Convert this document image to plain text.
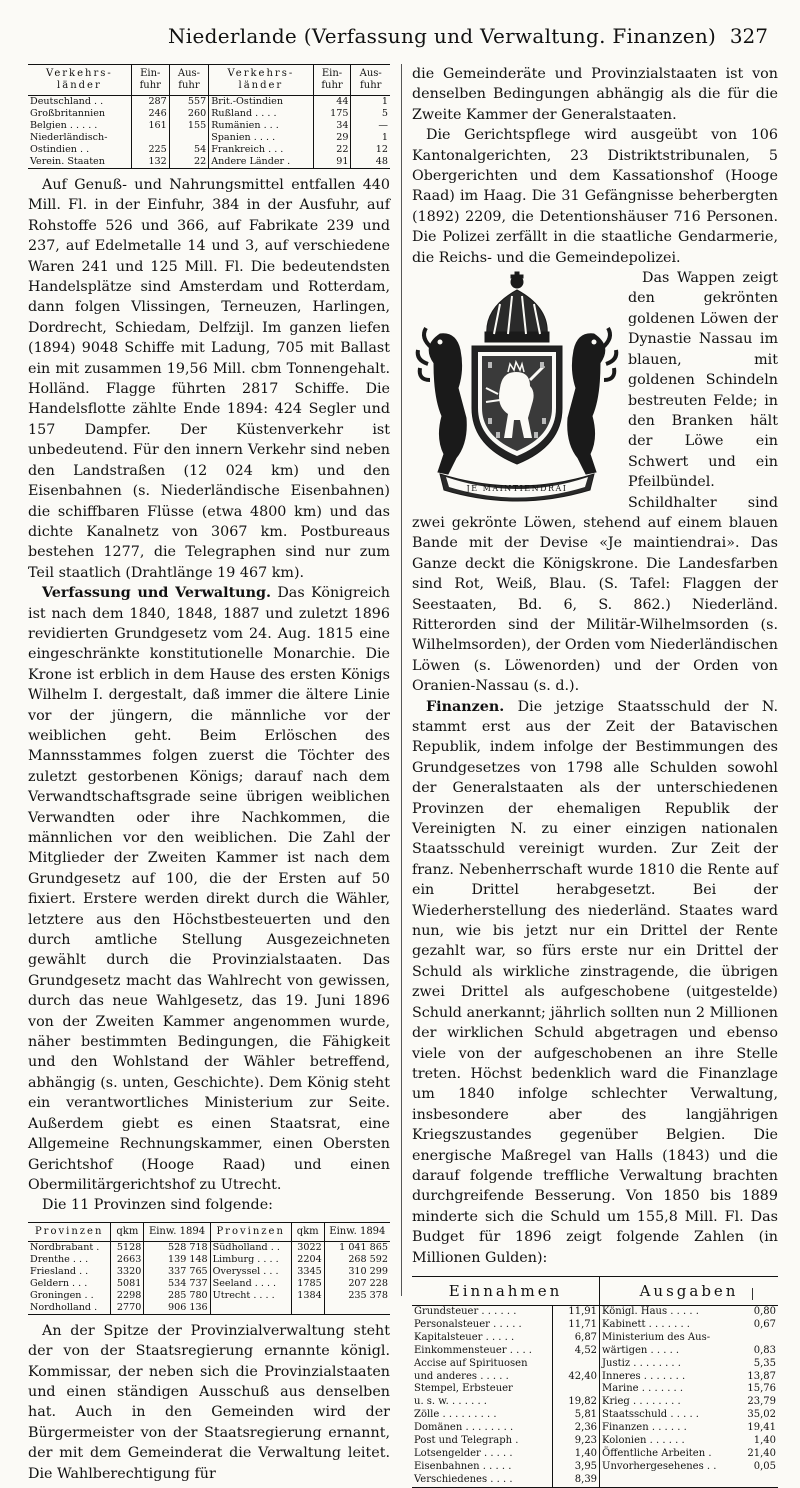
Niederlande (Verfassung und Verwaltung. Finanzen) 327
Verkehrs-länder	Ein-fuhr	Aus-fuhr	Verkehrs-länder	Ein-fuhr	Aus-fuhr
Deutschland . .	287	557	Brit.-Ostindien	44	1
Großbritannien	246	260	Rußland . . . .	175	5
Belgien . . . . .	161	155	Rumänien . . .	34	—
Niederländisch-			Spanien . . . .	29	1
Ostindien . .	225	54	Frankreich . . .	22	12
Verein. Staaten	132	22	Andere Länder .	91	48

Auf Genuß- und Nahrungsmittel entfallen 440 Mill. Fl. in der Einfuhr, 384 in der Ausfuhr, auf Rohstoffe 526 und 366, auf Fabrikate 239 und 237, auf Edelmetalle 14 und 3, auf verschiedene Waren 241 und 125 Mill. Fl. Die bedeutendsten Handelsplätze sind Amsterdam und Rotterdam, dann folgen Vlissingen, Terneuzen, Harlingen, Dordrecht, Schiedam, Delfzijl. Im ganzen liefen (1894) 9048 Schiffe mit Ladung, 705 mit Ballast ein mit zusammen 19,56 Mill. cbm Tonnengehalt. Holländ. Flagge führten 2817 Schiffe. Die Handelsflotte zählte Ende 1894: 424 Segler und 157 Dampfer. Der Küstenverkehr ist unbedeutend. Für den innern Verkehr sind neben den Landstraßen (12 024 km) und den Eisenbahnen (s. Niederländische Eisenbahnen) die schiffbaren Flüsse (etwa 4800 km) und das dichte Kanalnetz von 3067 km. Postbureaus bestehen 1277, die Telegraphen sind nur zum Teil staatlich (Drahtlänge 19 467 km).

Verfassung und Verwaltung. Das Königreich ist nach dem 1840, 1848, 1887 und zuletzt 1896 revidierten Grundgesetz vom 24. Aug. 1815 eine eingeschränkte konstitutionelle Monarchie. Die Krone ist erblich in dem Hause des ersten Königs Wilhelm I. dergestalt, daß immer die ältere Linie vor der jüngern, die männliche vor der weiblichen geht. Beim Erlöschen des Mannsstammes folgen zuerst die Töchter des zuletzt gestorbenen Königs; darauf nach dem Verwandtschaftsgrade seine übrigen weiblichen Verwandten oder ihre Nachkommen, die männlichen vor den weiblichen. Die Zahl der Mitglieder der Zweiten Kammer ist nach dem Grundgesetz auf 100, die der Ersten auf 50 fixiert. Erstere werden direkt durch die Wähler, letztere aus den Höchstbesteuerten und den durch amtliche Stellung Ausgezeichneten gewählt durch die Provinzialstaaten. Das Grundgesetz macht das Wahlrecht von gewissen, durch das neue Wahlgesetz, das 19. Juni 1896 von der Zweiten Kammer angenommen wurde, näher bestimmten Bedingungen, die Fähigkeit und den Wohlstand der Wähler betreffend, abhängig (s. unten, Geschichte). Dem König steht ein verantwortliches Ministerium zur Seite. Außerdem giebt es einen Staatsrat, eine Allgemeine Rechnungskammer, einen Obersten Gerichtshof (Hooge Raad) und einen Obermilitärgerichtshof zu Utrecht.

Die 11 Provinzen sind folgende:

Provinzen	qkm	Einw. 1894	Provinzen	qkm	Einw. 1894
Nordbrabant .	5128	528 718	Südholland . .	3022	1 041 865
Drenthe . . .	2663	139 148	Limburg . . . .	2204	268 592
Friesland . .	3320	337 765	Overyssel . . .	3345	310 299
Geldern . . .	5081	534 737	Seeland . . . .	1785	207 228
Groningen . .	2298	285 780	Utrecht . . . .	1384	235 378
Nordholland .	2770	906 136			

An der Spitze der Provinzialverwaltung steht der von der Staatsregierung ernannte königl. Kommissar, der neben sich die Provinzialstaaten und einen ständigen Ausschuß aus denselben hat. Auch in den Gemeinden wird der Bürgermeister von der Staatsregierung ernannt, der mit dem Gemeinderat die Verwaltung leitet. Die Wahlberechtigung für

die Gemeinderäte und Provinzialstaaten ist von denselben Bedingungen abhängig als die für die Zweite Kammer der Generalstaaten.

Die Gerichtspflege wird ausgeübt von 106 Kantonalgerichten, 23 Distriktstribunalen, 5 Obergerichten und dem Kassationshof (Hooge Raad) im Haag. Die 31 Gefängnisse beherbergten (1892) 2209, die Detentionshäuser 716 Personen. Die Polizei zerfällt in die staatliche Gendarmerie, die Reichs- und die Gemeindepolizei.

JE MAINTIENDRAI

Das Wappen zeigt den gekrönten goldenen Löwen der Dynastie Nassau im blauen, mit goldenen Schindeln bestreuten Felde; in den Branken hält der Löwe ein Schwert und ein Pfeilbündel. Schildhalter sind zwei gekrönte Löwen, stehend auf einem blauen Bande mit der Devise «Je maintiendrai». Das Ganze deckt die Königskrone. Die Landesfarben sind Rot, Weiß, Blau. (S. Tafel: Flaggen der Seestaaten, Bd. 6, S. 862.) Niederländ. Ritterorden sind der Militär-Wilhelmsorden (s. Wilhelmsorden), der Orden vom Niederländischen Löwen (s. Löwenorden) und der Orden von Oranien-Nassau (s. d.).

Finanzen. Die jetzige Staatsschuld der N. stammt erst aus der Zeit der Batavischen Republik, indem infolge der Bestimmungen des Grundgesetzes von 1798 alle Schulden sowohl der Generalstaaten als der unterschiedenen Provinzen der ehemaligen Republik der Vereinigten N. zu einer einzigen nationalen Staatsschuld vereinigt wurden. Zur Zeit der franz. Nebenherrschaft wurde 1810 die Rente auf ein Drittel herabgesetzt. Bei der Wiederherstellung des niederländ. Staates ward nun, wie bis jetzt nur ein Drittel der Rente gezahlt war, so fürs erste nur ein Drittel der Schuld als wirkliche zinstragende, die übrigen zwei Drittel als aufgeschobene (uitgestelde) Schuld anerkannt; jährlich sollten nun 2 Millionen der wirklichen Schuld abgetragen und ebenso viele von der aufgeschobenen an ihre Stelle treten. Höchst bedenklich ward die Finanzlage um 1840 infolge schlechter Verwaltung, insbesondere aber des langjährigen Kriegszustandes gegenüber Belgien. Die energische Maßregel van Halls (1843) und die darauf folgende treffliche Verwaltung brachten durchgreifende Besserung. Von 1850 bis 1889 minderte sich die Schuld um 155,8 Mill. Fl. Das Budget für 1896 zeigt folgende Zahlen (in Millionen Gulden):

Einnahmen		Ausgaben	
Grundsteuer . . . . . .	11,91	Königl. Haus . . . . .	0,80
Personalsteuer . . . . .	11,71	Kabinett . . . . . . .	0,67
Kapitalsteuer . . . . .	6,87	Ministerium des Aus-	
Einkommensteuer . . . .	4,52	wärtigen . . . . .	0,83
Accise auf Spirituosen		Justiz . . . . . . . .	5,35
und anderes . . . . .	42,40	Inneres . . . . . . .	13,87
Stempel, Erbsteuer		Marine . . . . . . .	15,76
u. s. w. . . . . . .	19,82	Krieg . . . . . . . .	23,79
Zölle . . . . . . . . .	5,81	Staatsschuld . . . . .	35,02
Domänen . . . . . . . .	2,36	Finanzen . . . . . .	19,41
Post und Telegraph .	9,23	Kolonien . . . . . .	1,40
Lotsengelder . . . . .	1,40	Öffentliche Arbeiten .	21,40
Eisenbahnen . . . . .	3,95	Unvorhergesehenes . .	0,05
Verschiedenes . . . .	8,39		
